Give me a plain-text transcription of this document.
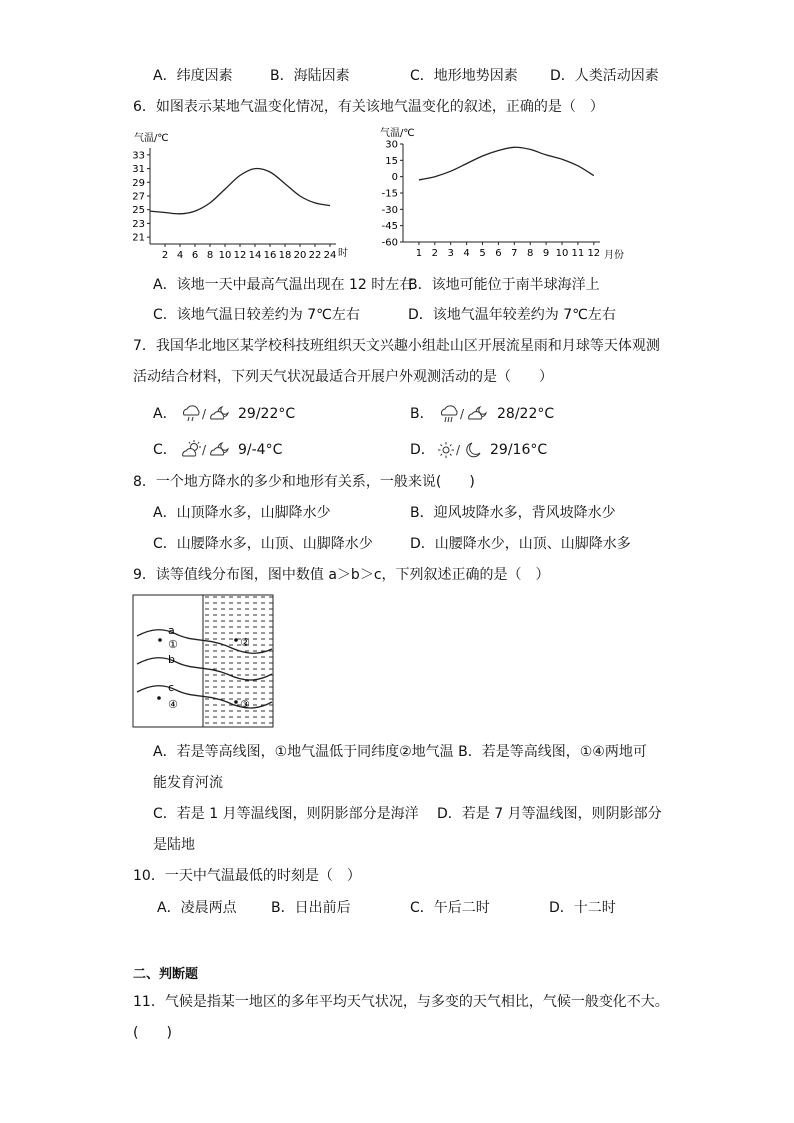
A．纬度因素	B．海陆因素	C．地形地势因素 D．人类活动因素
6．如图表示某地气温变化情况，有关该地气温变化的叙述，正确的是（　）
气温/℃
21
23
25
27
29
31
33
2 4 6 8 10 12 14 16 18 20 22 24 时
气温/℃
30
15
0
-15
-30
-45
-60
1 2 3 4 5 6 7 8 9 10 11 12 月份
A．该地一天中最高气温出现在 12 时左右
B．该地可能位于南半球海洋上
C．该地气温日较差约为 7℃左右	D．该地气温年较差约为 7℃左右
7．我国华北地区某学校科技班组织天文兴趣小组赴山区开展流星雨和月球等天体观测
活动结合材料，下列天气状况最适合开展户外观测活动的是（　　）
A． / 29/22°C	B． / 28/22°C
C． / 9/-4°C	D． / 29/16°C
8．一个地方降水的多少和地形有关系，一般来说(　　)
A．山顶降水多，山脚降水少	B．迎风坡降水多，背风坡降水少
C．山腰降水多，山顶、山脚降水少	D．山腰降水少，山顶、山脚降水多
9．读等值线分布图，图中数值 a＞b＞c，下列叙述正确的是（　）
a
b
c
①	②
③
④
A．若是等高线图，①地气温低于同纬度②地气温 B．若是等高线图，①④两地可
能发育河流
C．若是 1 月等温线图，则阴影部分是海洋　 D．若是 7 月等温线图，则阴影部分
是陆地
10．一天中气温最低的时刻是（　）
A．凌晨两点 B．日出前后	C．午后二时	D．十二时
二、判断题
11．气候是指某一地区的多年平均天气状况，与多变的天气相比，气候一般变化不大。
(　　)
